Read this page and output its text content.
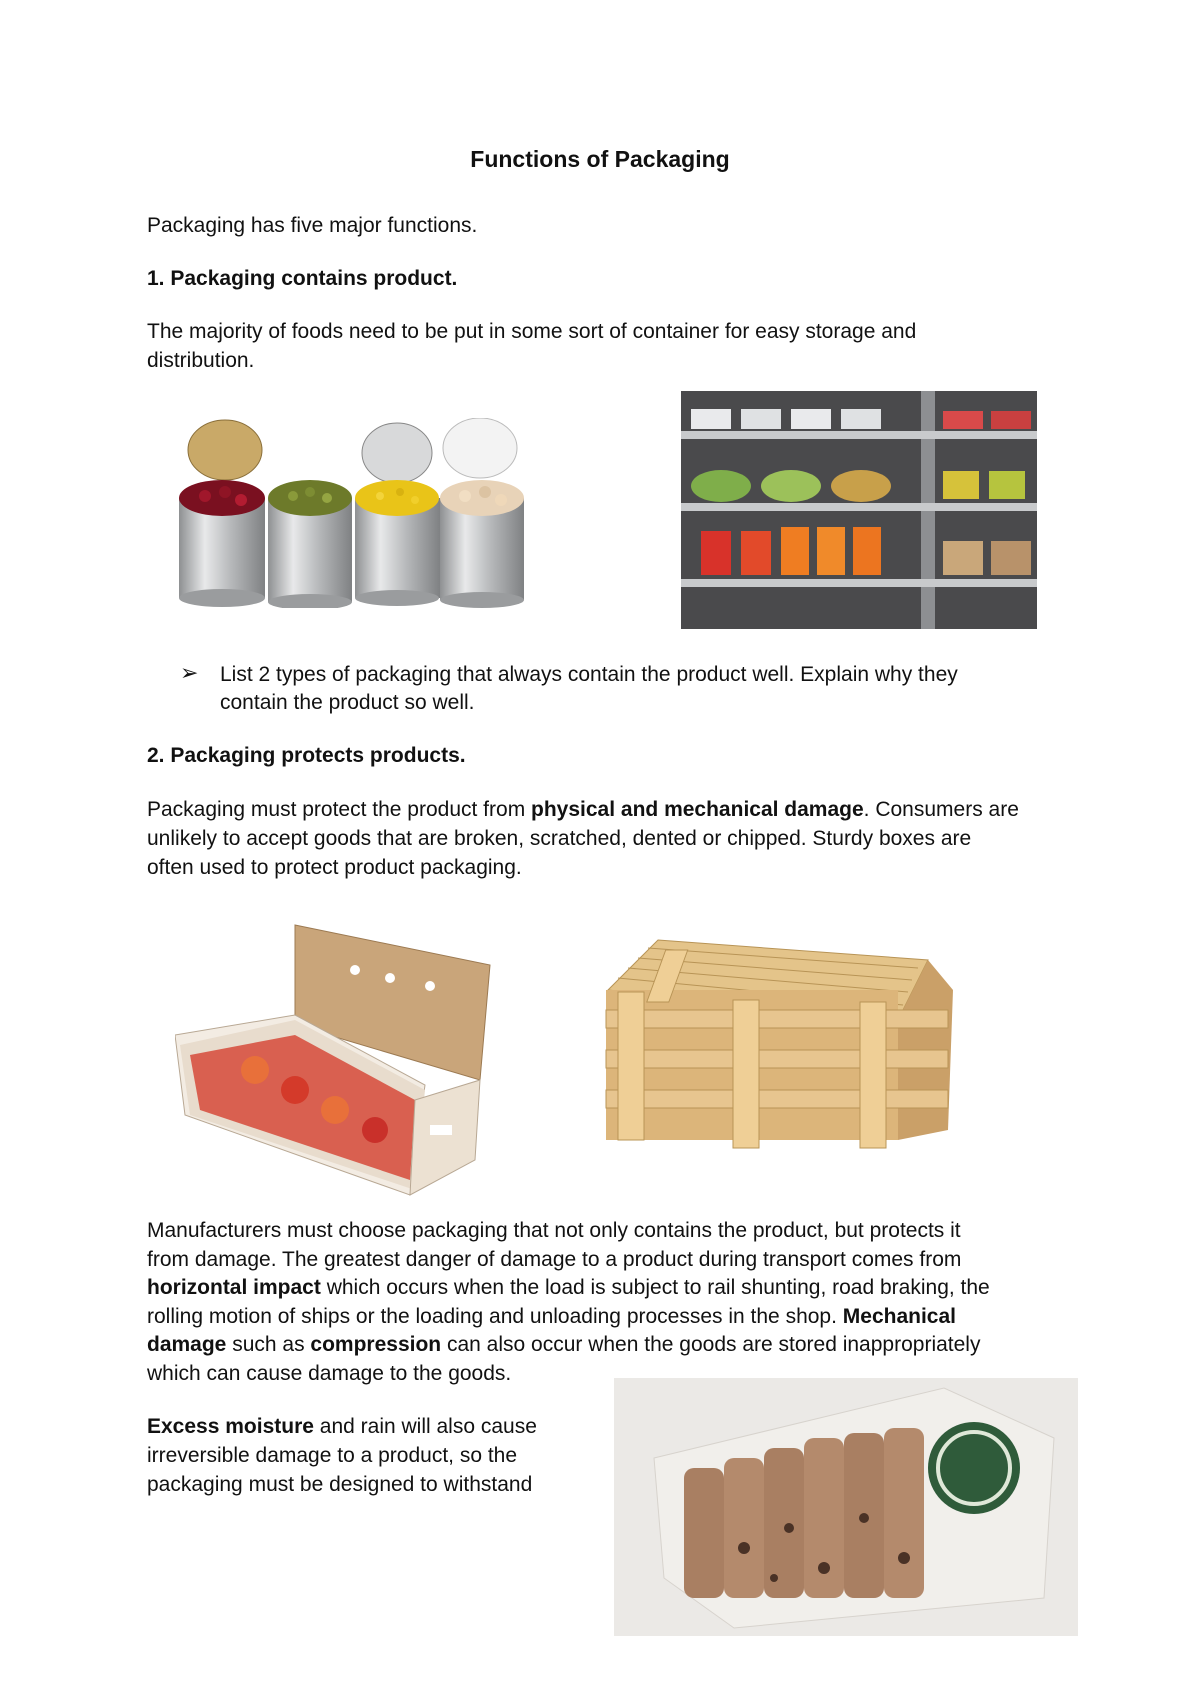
Functions of Packaging

Packaging has five major functions.

1. Packaging contains product.

The majority of foods need to be put in some sort of container for easy storage and

distribution.

➢ List 2 types of packaging that always contain the product well. Explain why they

contain the product so well.

2. Packaging protects products.

Packaging must protect the product from physical and mechanical damage. Consumers are

unlikely to accept goods that are broken, scratched, dented or chipped. Sturdy boxes are

often used to protect product packaging.

Manufacturers must choose packaging that not only contains the product, but protects it

from damage. The greatest danger of damage to a product during transport comes from

horizontal impact which occurs when the load is subject to rail shunting, road braking, the

rolling motion of ships or the loading and unloading processes in the shop. Mechanical

damage such as compression can also occur when the goods are stored inappropriately

which can cause damage to the goods.

Excess moisture and rain will also cause

irreversible damage to a product, so the

packaging must be designed to withstand
